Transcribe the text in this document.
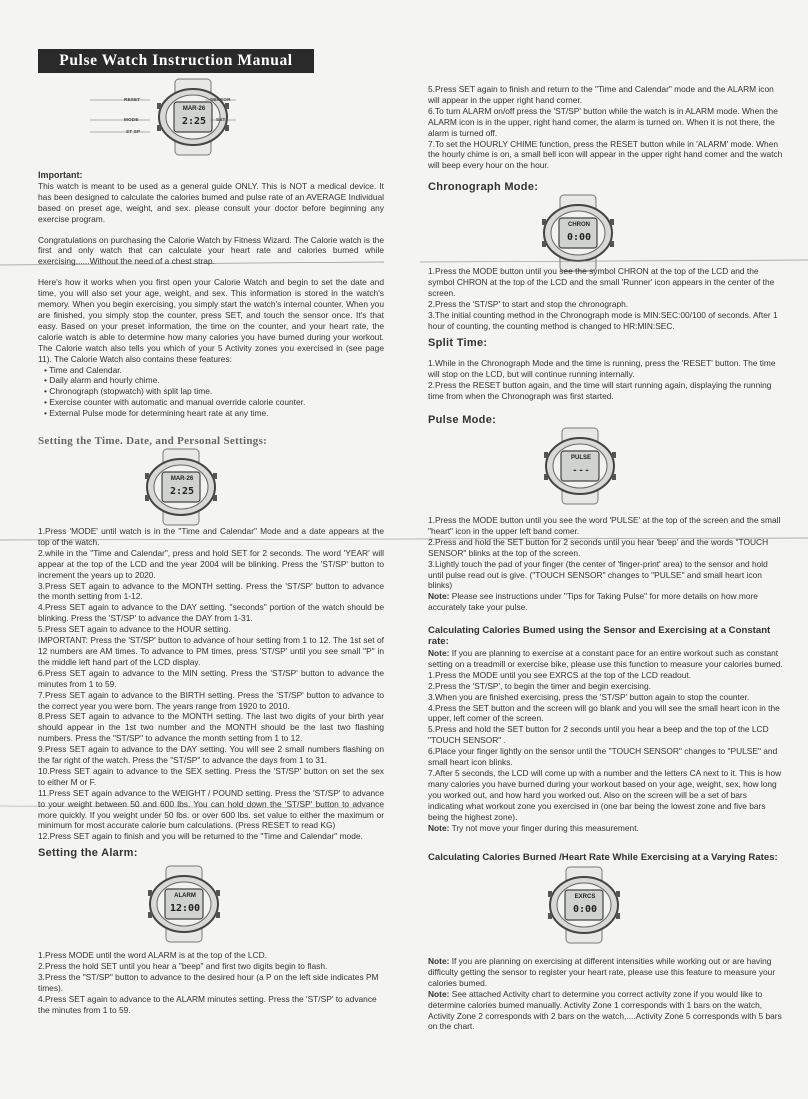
MAR-26
2:25
MAR-26
2:25
ALARM
12:00
CHRON
0:00
PULSE
- - -
EXRCS
0:00
RESET	SENSOR
MODE	SET
ST SP
Pulse Watch Instruction Manual

Important:

This watch is meant to be used as a general guide ONLY. This is NOT a medical device. It has been designed to calculate the calories bumed and pulse rate of an AVERAGE Individual based on preset age, weight, and sex. please consult your doctor before beginning any exercise program.

Congratulations on purchasing the Calorie Watch by Fitness Wizard. The Calorie watch is the first and only watch that can calculate your heart rate and calories bumed while exercising......Without the need of a chest strap.

Here's how it works when you first open your Calorie Watch and begin to set the date and time, you will also set your age, weight, and sex. This information is stored in the watch's memory. When you begin exercising, you simply start the watch's internal counter. When you are finished, you simply stop the counter, press SET, and touch the sensor once. It's that easy. Based on your preset information, the time on the counter, and your heart rate, the calorie watch is able to determine how many calories you have bumed during your workout. The Calorie watch also tells you which of your 5 Activity zones you exercised in (see page 11). The Calorie Watch also contains these features:

• Time and Calendar.
• Daily alarm and hourly chime.
• Chronograph (stopwatch) with split lap time.
• Exercise counter with automatic and manual override calorie counter.
• External Pulse mode for determining heart rate at any time.
Setting the Time. Date, and Personal Settings:

1.Press 'MODE' until watch is in the "Time and Calendar" Mode and a date appears at the top of the watch.

2.while in the "Time and Calendar", press and hold SET for 2 seconds. The word 'YEAR' will appear at the top of the LCD and the year 2004 will be blinking. Press the 'ST/SP' button to increment the years up to 2020.

3.Press SET again to advance to the MONTH setting. Press the 'ST/SP' button to advance the month setting from 1-12.

4.Press SET again to advance to the DAY setting. "seconds" portion of the watch should be blinking. Press the 'ST/SP' to advance the DAY from 1-31.

5.Press SET again to advance to the HOUR setting.

IMPORTANT: Press the 'ST/SP' button to advance of hour setting from 1 to 12. The 1st set of 12 numbers are AM times. To advance to PM times, press 'ST/SP' until you see small "P" in the middle left hand part of the LCD display.

6.Press SET again to advance to the MIN setting. Press the 'ST/SP' button to advance the minutes from 1 to 59.

7.Press SET again to advance to the BIRTH setting. Press the 'ST/SP' button to advance to the correct year you were born. The years range from 1920 to 2010.

8.Press SET again to advance to the MONTH setting. The last two digits of your birth year should appear in the 1st two number and the MONTH should be the last two flashing numbers. Press the "ST/SP" to advance the month setting from 1 to 12.

9.Press SET again to advance to the DAY setting. You will see 2 small numbers flashing on the far right of the watch. Press the "ST/SP" to advance the days from 1 to 31.

10.Press SET again to advance to the SEX setting. Press the 'ST/SP' button on set the sex to either M or F.

11.Press SET again advance to the WEIGHT / POUND setting. Press the 'ST/SP' to advance to your weight between 50 and 600 lbs. You can hold down the 'ST/SP' button to advance more quickly. If you weight under 50 lbs. or over 600 lbs. set value to either the maximum or minimum for most accurate calorie bum calculations. (Press RESET to read KG)

12.Press SET again to finish and you will be returned to the "Time and Calendar" mode.

Setting the Alarm:

1.Press MODE until the word ALARM is at the top of the LCD.

2.Press the hold SET until you hear a "beep" and first two digits begin to flash.

3.Press the "ST/SP" button to advance to the desired hour (a P on the left side indicates PM times).

4.Press SET again to advance to the ALARM minutes setting. Press the 'ST/SP' to advance the minutes from 1 to 59.

5.Press SET again to finish and return to the "Time and Calendar" mode and the ALARM icon will appear in the upper right hand corner.

6.To turn ALARM on/off press the 'ST/SP' button while the watch is in ALARM mode. When the ALARM icon is in the upper, right hand comer, the alarm is turned on. When it is not there, the alarm is turned off.

7.To set the HOURLY CHIME function, press the RESET button while in 'ALARM' mode. When the hourly chime is on, a small bell icon will appear in the upper right hand comer and the watch will beep every hour on the hour.

Chronograph Mode:

1.Press the MODE button until you see the symbol CHRON at the top of the LCD and the symbol CHRON at the top of the LCD and the small 'Runner' icon appears in the center of the screen.

2.Press the 'ST/SP' to start and stop the chronograph.

3.The initial counting method in the Chronograph mode is MIN:SEC:00/100 of seconds. After 1 hour of counting, the counting method is changed to HR:MIN:SEC.

Split Time:

1.While in the Chronograph Mode and the time is running, press the 'RESET' button. The time will stop on the LCD, but will continue running internally.

2.Press the RESET button again, and the time will start running again, displaying the running time from when the Chronograph was first started.

Pulse Mode:

1.Press the MODE button until you see the word 'PULSE' at the top of the screen and the small "heart" icon in the upper left band comer.

2.Press and hold the SET button for 2 seconds until you hear 'beep' and the words "TOUCH SENSOR" blinks at the top of the screen.

3.Lightly touch the pad of your finger (the center of 'finger-print' area) to the sensor and hold until pulse read out is give. ("TOUCH SENSOR" changes to "PULSE" and small heart icon blinks)

Note: Please see instructions under "Tips for Taking Pulse" for more details on how more accurately take your pulse.

Calculating Calories Bumed using the Sensor and Exercising at a Constant rate:

Note: If you are planning to exercise at a constant pace for an entire workout such as constant setting on a treadmill or exercise bike, please use this function to measure your calories bumed.

1.Press the MODE until you see EXRCS at the top of the LCD readout.

2.Press the 'ST/SP', to begin the timer and begin exercising.

3.When you are finished exercising, press the 'ST/SP' button again to stop the counter.

4.Press the SET button and the screen will go blank and you will see the small heart icon in the upper, left comer of the screen.

5.Press and hold the SET button for 2 seconds until you hear a beep and the top of the LCD "TOUCH SENSOR" .

6.Place your finger lightly on the sensor until the "TOUCH SENSOR" changes to "PULSE" and small heart icon blinks.

7.After 5 seconds, the LCD will come up with a number and the letters CA next to it. This is how many calories you have burned during your workout based on your age, weight, sex, how long you worked out, and how hard you worked out. Also on the screen will be a set of bars indicating what workout zone you exercised in (one bar being the lowest zone and five bars being the highest zone).

Note: Try not move your finger during this measurement.

Calculating Calories Burned /Heart Rate While Exercising at a Varying Rates:

Note: If you are planning on exercising at different intensities while working out or are having difficulty getting the sensor to register your heart rate, please use this feature to measure your calories bumed.

Note: See attached Activity chart to determine you correct activity zone if you would like to determine calories bumed manually. Activity Zone 1 corresponds with 1 bars on the watch, Activity Zone 2 corresponds with 2 bars on the watch,....Activity Zone 5 corresponds with 5 bars on the chart.
